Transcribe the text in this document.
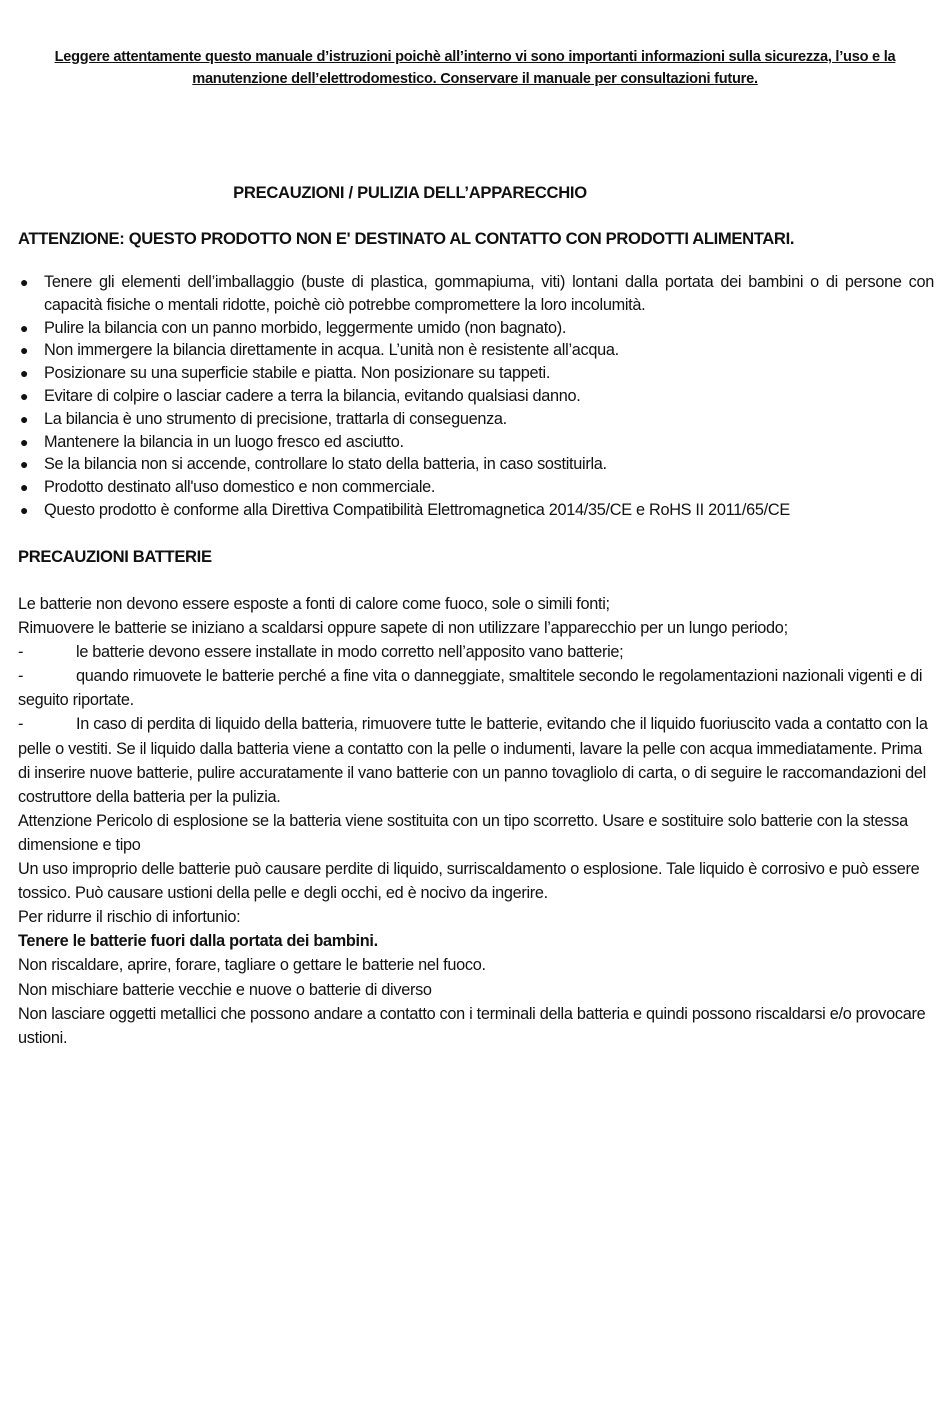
Leggere attentamente questo manuale d’istruzioni poichè all’interno vi sono importanti informazioni sulla sicurezza, l’uso e la manutenzione dell’elettrodomestico. Conservare il manuale per consultazioni future.
PRECAUZIONI / PULIZIA DELL’APPARECCHIO
ATTENZIONE: QUESTO PRODOTTO NON E' DESTINATO AL CONTATTO CON PRODOTTI ALIMENTARI.
● Tenere gli elementi dell’imballaggio (buste di plastica, gommapiuma, viti) lontani dalla portata dei bambini o di persone con capacità fisiche o mentali ridotte, poichè ciò potrebbe compromettere la loro incolumità.
● Pulire la bilancia con un panno morbido, leggermente umido (non bagnato).
● Non immergere la bilancia direttamente in acqua. L’unità non è resistente all’acqua.
● Posizionare su una superficie stabile e piatta. Non posizionare su tappeti.
● Evitare di colpire o lasciar cadere a terra la bilancia, evitando qualsiasi danno.
● La bilancia è uno strumento di precisione, trattarla di conseguenza.
● Mantenere la bilancia in un luogo fresco ed asciutto.
● Se la bilancia non si accende, controllare lo stato della batteria, in caso sostituirla.
● Prodotto destinato all'uso domestico e non commerciale.
● Questo prodotto è conforme alla Direttiva Compatibilità Elettromagnetica 2014/35/CE e RoHS II 2011/65/CE
PRECAUZIONI BATTERIE

Le batterie non devono essere esposte a fonti di calore come fuoco, sole o simili fonti;

Rimuovere le batterie se iniziano a scaldarsi oppure sapete di non utilizzare l’apparecchio per un lungo periodo;

-	le batterie devono essere installate in modo corretto nell’apposito vano batterie;

-	quando rimuovete le batterie perché a fine vita o danneggiate, smaltitele secondo le regolamentazioni nazionali vigenti e di seguito riportate.

-	In caso di perdita di liquido della batteria, rimuovere tutte le batterie, evitando che il liquido fuoriuscito vada a contatto con la pelle o vestiti. Se il liquido dalla batteria viene a contatto con la pelle o indumenti, lavare la pelle con acqua immediatamente. Prima di inserire nuove batterie, pulire accuratamente il vano batterie con un panno tovagliolo di carta, o di seguire le raccomandazioni del costruttore della batteria per la pulizia.

Attenzione Pericolo di esplosione se la batteria viene sostituita con un tipo scorretto. Usare e sostituire solo batterie con la stessa dimensione e tipo

Un uso improprio delle batterie può causare perdite di liquido, surriscaldamento o esplosione. Tale liquido è corrosivo e può essere tossico. Può causare ustioni della pelle e degli occhi, ed è nocivo da ingerire.

Per ridurre il rischio di infortunio:

Tenere le batterie fuori dalla portata dei bambini.

Non riscaldare, aprire, forare, tagliare o gettare le batterie nel fuoco.

Non mischiare batterie vecchie e nuove o batterie di diverso

Non lasciare oggetti metallici che possono andare a contatto con i terminali della batteria e quindi possono riscaldarsi e/o provocare ustioni.
